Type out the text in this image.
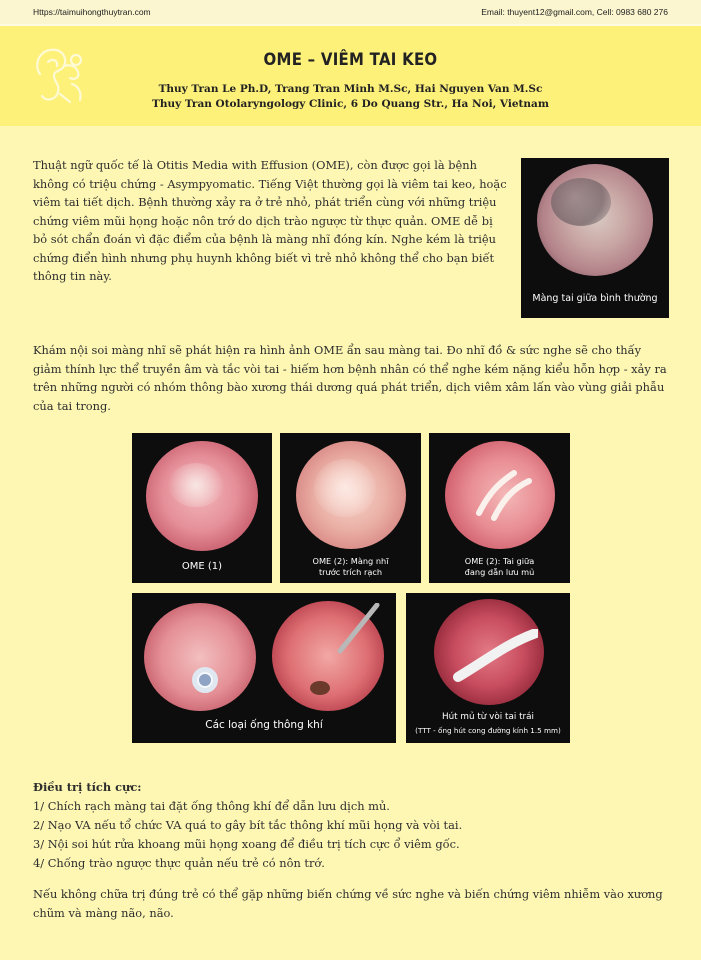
Https://taimuihongthuytran.com	Email: thuyent12@gmail.com, Cell: 0983 680 276
OME – VIÊM TAI KEO
Thuy Tran Le Ph.D, Trang Tran Minh M.Sc, Hai Nguyen Van M.Sc
Thuy Tran Otolaryngology Clinic, 6 Do Quang Str., Ha Noi, Vietnam
Thuật ngữ quốc tế là Otitis Media with Effusion (OME), còn được gọi là bệnh không có triệu chứng - Asympyomatic. Tiếng Việt thường gọi là viêm tai keo, hoặc viêm tai tiết dịch. Bệnh thường xảy ra ở trẻ nhỏ, phát triển cùng với những triệu chứng viêm mũi họng hoặc nôn trớ do dịch trào ngược từ thực quản. OME dễ bị bỏ sót chẩn đoán vì đặc điểm của bệnh là màng nhĩ đóng kín. Nghe kém là triệu chứng điển hình nhưng phụ huynh không biết vì trẻ nhỏ không thể cho bạn biết thông tin này.
Màng tai giữa bình thường
Khám nội soi màng nhĩ sẽ phát hiện ra hình ảnh OME ẩn sau màng tai. Đo nhĩ đồ & sức nghe sẽ cho thấy giảm thính lực thể truyền âm và tắc vòi tai - hiếm hơn bệnh nhân có thể nghe kém nặng kiểu hỗn hợp - xảy ra trên những người có nhóm thông bào xương thái dương quá phát triển, dịch viêm xâm lấn vào vùng giải phẫu của tai trong.
OME (1)	OME (2): Màng nhĩ
trước trích rạch
OME (2): Tai giữa
đang dẫn lưu mủ
Các loại ống thông khí
Hút mủ từ vòi tai trái
(TTT - ống hút cong đường kính 1.5 mm)
Điều trị tích cực:
1/ Chích rạch màng tai đặt ống thông khí để dẫn lưu dịch mủ.
2/ Nạo VA nếu tổ chức VA quá to gây bít tắc thông khí mũi họng và vòi tai.
3/ Nội soi hút rửa khoang mũi họng xoang để điều trị tích cực ổ viêm gốc.
4/ Chống trào ngược thực quản nếu trẻ có nôn trớ.
Nếu không chữa trị đúng trẻ có thể gặp những biến chứng về sức nghe và biến chứng viêm nhiễm vào xương chũm và màng não, não.
